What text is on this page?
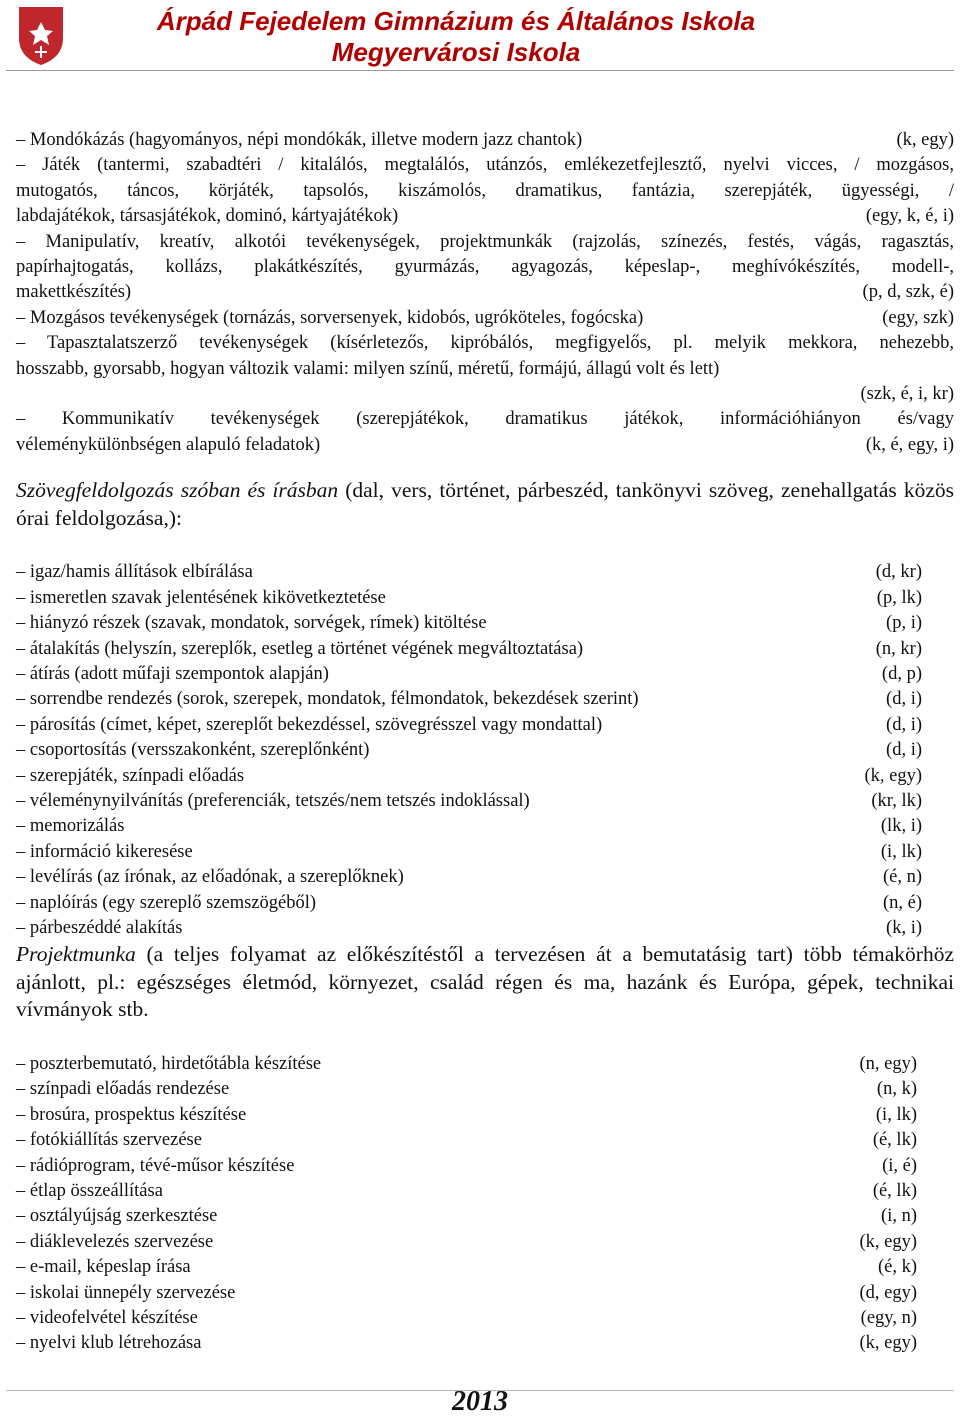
Árpád Fejedelem Gimnázium és Általános Iskola
Megyervárosi Iskola
– Mondókázás (hagyományos, népi mondókák, illetve modern jazz chantok)	(k, egy)
– Játék (tantermi, szabadtéri / kitalálós, megtalálós, utánzós, emlékezetfejlesztő, nyelvi vicces, / mozgásos,
mutogatós, táncos, körjáték, tapsolós, kiszámolós, dramatikus, fantázia, szerepjáték, ügyességi, /
labdajátékok, társasjátékok, dominó, kártyajátékok)	(egy, k, é, i)
– Manipulatív, kreatív, alkotói tevékenységek, projektmunkák (rajzolás, színezés, festés, vágás, ragasztás,
papírhajtogatás, kollázs, plakátkészítés, gyurmázás, agyagozás, képeslap-, meghívókészítés, modell-,
makettkészítés)	(p, d, szk, é)
– Mozgásos tevékenységek (tornázás, sorversenyek, kidobós, ugróköteles, fogócska)	(egy, szk)
– Tapasztalatszerző tevékenységek (kísérletezős, kipróbálós, megfigyelős, pl. melyik mekkora, nehezebb,
hosszabb, gyorsabb, hogyan változik valami: milyen színű, méretű, formájú, állagú volt és lett)
(szk, é, i, kr)
– Kommunikatív tevékenységek (szerepjátékok, dramatikus játékok, információhiányon és/vagy
véleménykülönbségen alapuló feladatok)	(k, é, egy, i)
Szövegfeldolgozás szóban és írásban (dal, vers, történet, párbeszéd, tankönyvi szöveg, zenehallgatás közös órai feldolgozása,):
– igaz/hamis állítások elbírálása	(d, kr)
– ismeretlen szavak jelentésének kikövetkeztetése	(p, lk)
– hiányzó részek (szavak, mondatok, sorvégek, rímek) kitöltése	(p, i)
– átalakítás (helyszín, szereplők, esetleg a történet végének megváltoztatása)	(n, kr)
– átírás (adott műfaji szempontok alapján)	(d, p)
– sorrendbe rendezés (sorok, szerepek, mondatok, félmondatok, bekezdések szerint)	(d, i)
– párosítás (címet, képet, szereplőt bekezdéssel, szövegrésszel vagy mondattal)	(d, i)
– csoportosítás (versszakonként, szereplőnként)	(d, i)
– szerepjáték, színpadi előadás	(k, egy)
– véleménynyilvánítás (preferenciák, tetszés/nem tetszés indoklással)	(kr, lk)
– memorizálás	(lk, i)
– információ kikeresése	(i, lk)
– levélírás (az írónak, az előadónak, a szereplőknek)	(é, n)
– naplóírás (egy szereplő szemszögéből)	(n, é)
– párbeszéddé alakítás	(k, i)
Projektmunka (a teljes folyamat az előkészítéstől a tervezésen át a bemutatásig tart) több témakörhöz ajánlott, pl.: egészséges életmód, környezet, család régen és ma, hazánk és Európa, gépek, technikai vívmányok stb.
– poszterbemutató, hirdetőtábla készítése	(n, egy)
– színpadi előadás rendezése	(n, k)
– brosúra, prospektus készítése	(i, lk)
– fotókiállítás szervezése	(é, lk)
– rádióprogram, tévé-műsor készítése	(i, é)
– étlap összeállítása	(é, lk)
– osztályújság szerkesztése	(i, n)
– diáklevelezés szervezése	(k, egy)
– e-mail, képeslap írása	(é, k)
– iskolai ünnepély szervezése	(d, egy)
– videofelvétel készítése	(egy, n)
– nyelvi klub létrehozása	(k, egy)
2013
